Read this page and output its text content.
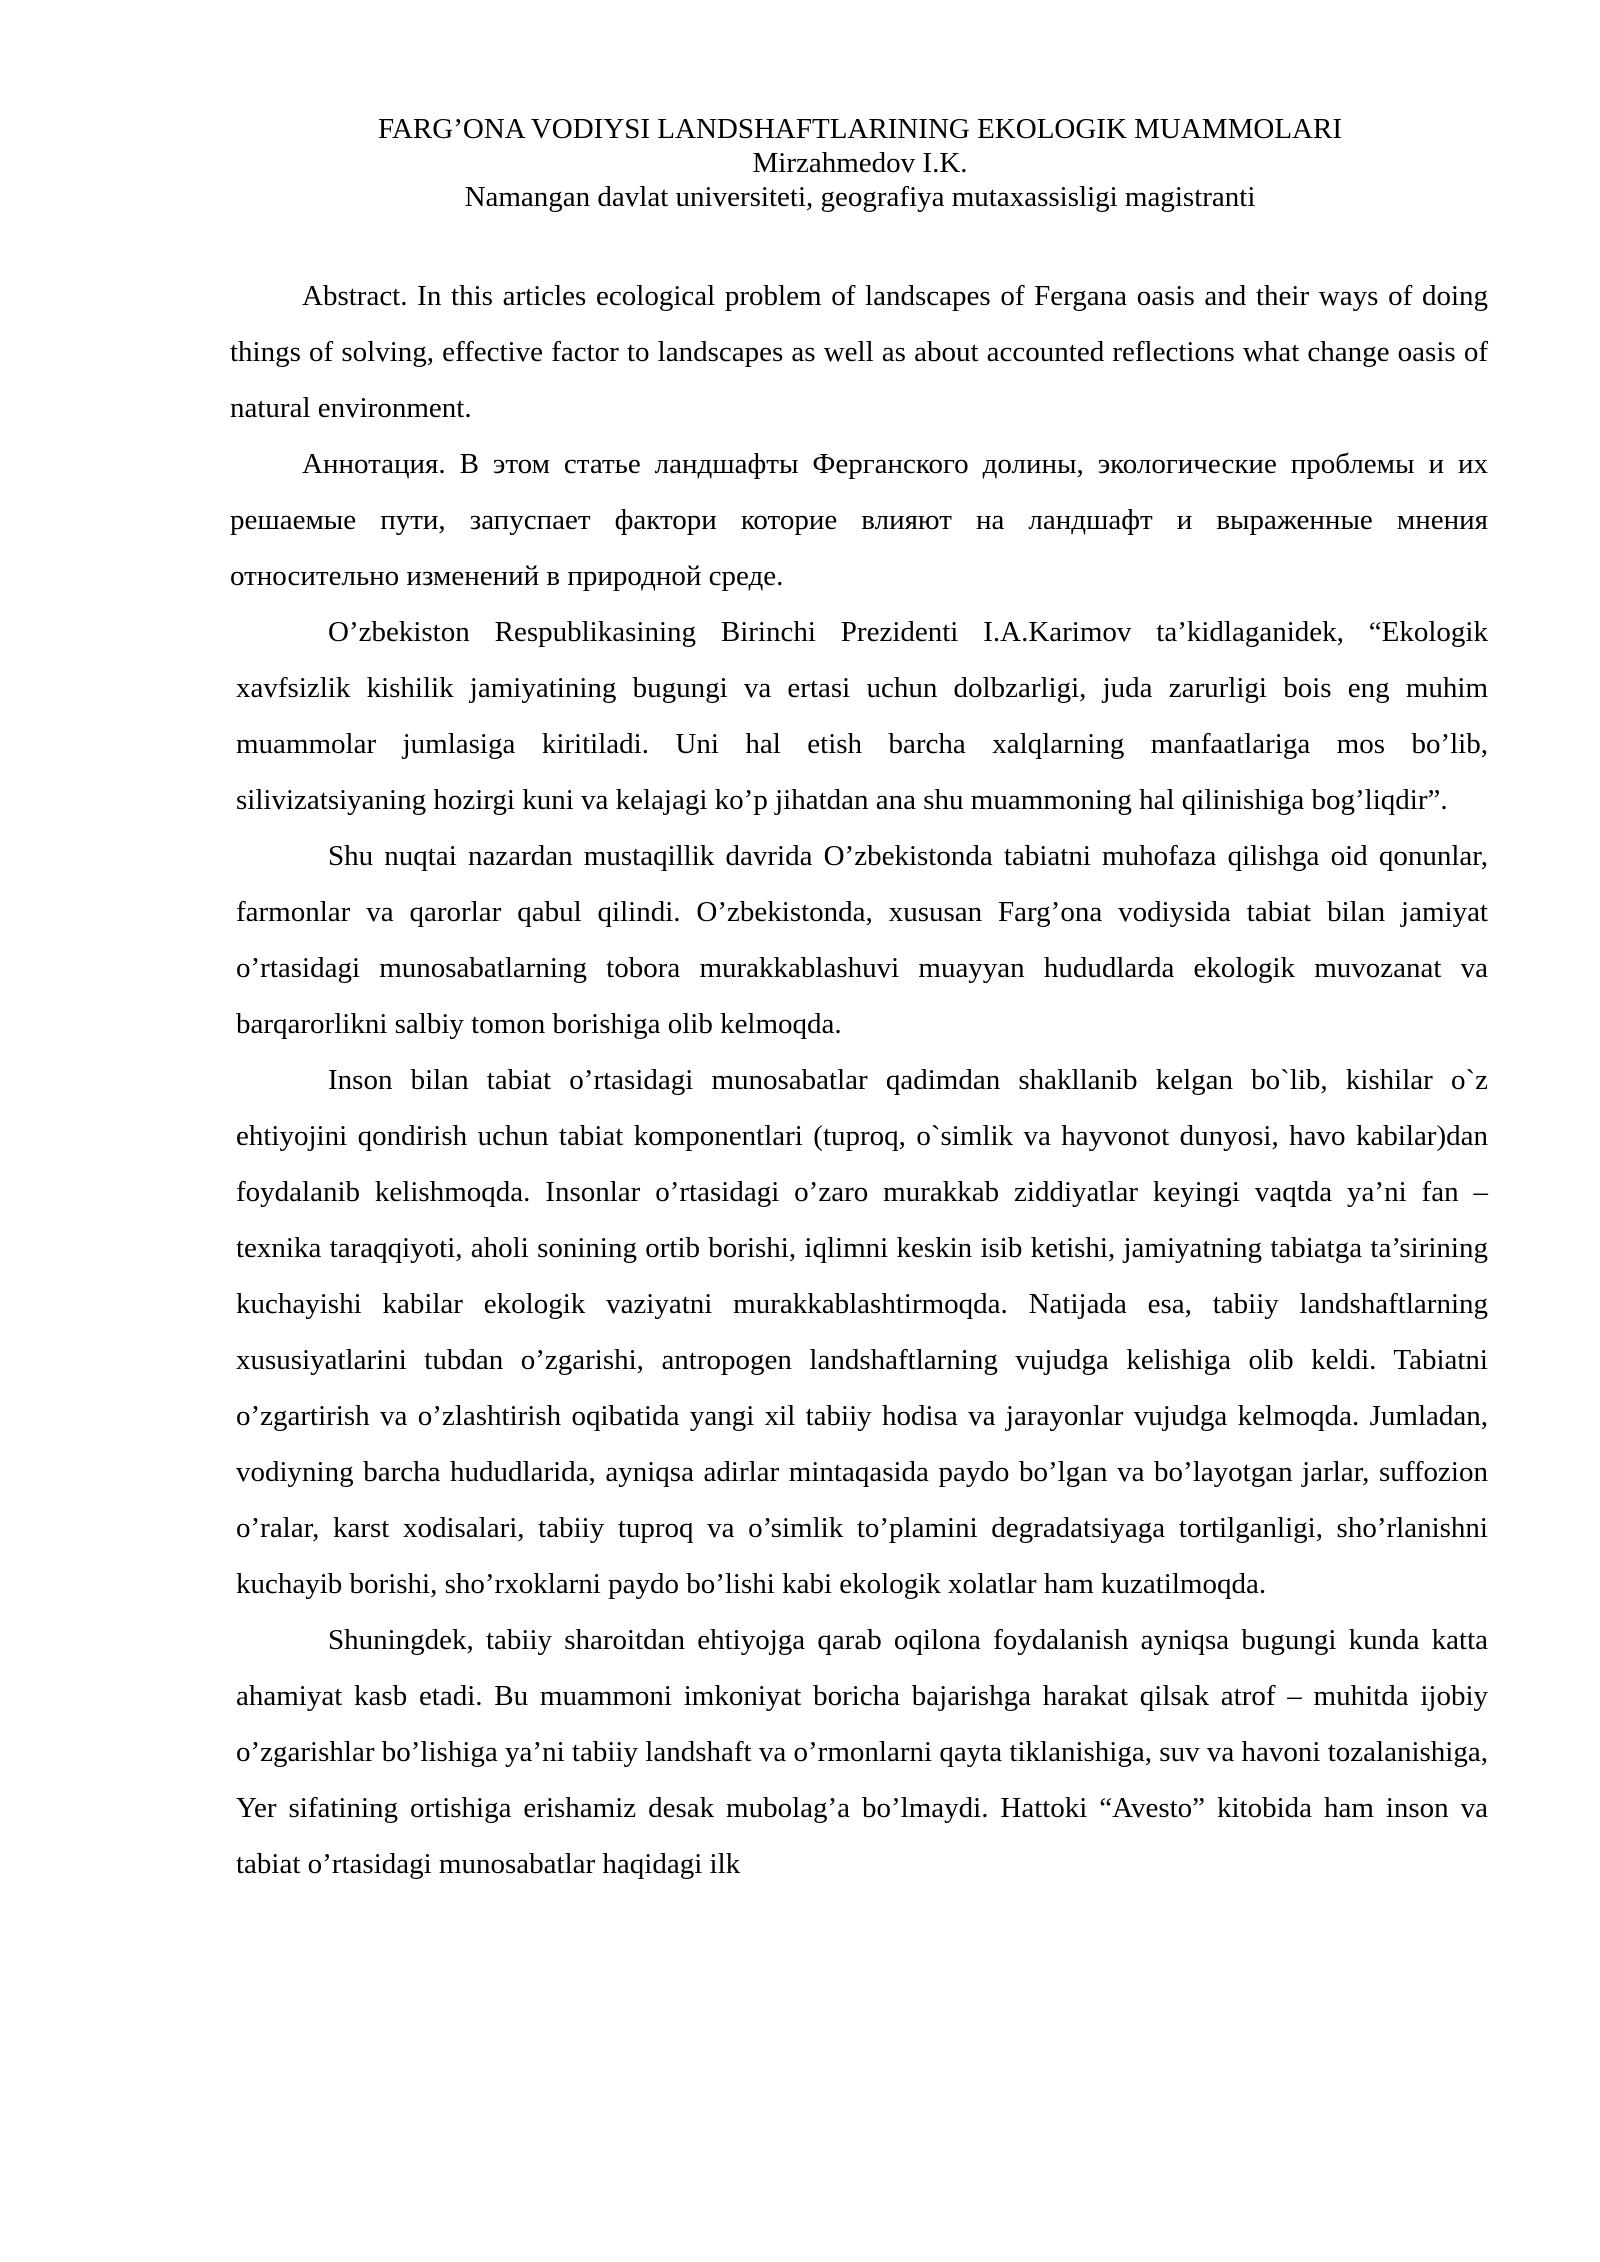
FARG’ONA VODIYSI LANDSHAFTLARINING EKOLOGIK MUAMMOLARI
Mirzahmedov I.K.
Namangan davlat universiteti, geografiya mutaxassisligi magistranti

Abstract. In this articles ecological problem of landscapes of Fergana oasis and their ways of doing things of solving, effective factor to landscapes as well as about accounted reflections what change oasis of natural environment.

Аннотация. В этом статье ландшафты Ферганского долины, экологические проблемы и их решаемые пути, запуспает фактори которие влияют на ландшафт и выраженные мнения относительно изменений в природной среде.

O’zbekiston Respublikasining Birinchi Prezidenti I.A.Karimov ta’kidlaganidek, “Ekologik xavfsizlik kishilik jamiyatining bugungi va ertasi uchun dolbzarligi, juda zarurligi bois eng muhim muammolar jumlasiga kiritiladi. Uni hal etish barcha xalqlarning manfaatlariga mos bo’lib, silivizatsiyaning hozirgi kuni va kelajagi ko’p jihatdan ana shu muammoning hal qilinishiga bog’liqdir”.

Shu nuqtai nazardan mustaqillik davrida O’zbekistonda tabiatni muhofaza qilishga oid qonunlar, farmonlar va qarorlar qabul qilindi. O’zbekistonda, xususan Farg’ona vodiysida tabiat bilan jamiyat o’rtasidagi munosabatlarning tobora murakkablashuvi muayyan hududlarda ekologik muvozanat va barqarorlikni salbiy tomon borishiga olib kelmoqda.

Inson bilan tabiat o’rtasidagi munosabatlar qadimdan shakllanib kelgan bo`lib, kishilar o`z ehtiyojini qondirish uchun tabiat komponentlari (tuproq, o`simlik va hayvonot dunyosi, havo kabilar)dan foydalanib kelishmoqda. Insonlar o’rtasidagi o’zaro murakkab ziddiyatlar keyingi vaqtda ya’ni fan – texnika taraqqiyoti, aholi sonining ortib borishi, iqlimni keskin isib ketishi, jamiyatning tabiatga ta’sirining kuchayishi kabilar ekologik vaziyatni murakkablashtirmoqda. Natijada esa, tabiiy landshaftlarning xususiyatlarini tubdan o’zgarishi, antropogen landshaftlarning vujudga kelishiga olib keldi. Tabiatni o’zgartirish va o’zlashtirish oqibatida yangi xil tabiiy hodisa va jarayonlar vujudga kelmoqda. Jumladan, vodiyning barcha hududlarida, ayniqsa adirlar mintaqasida paydo bo’lgan va bo’layotgan jarlar, suffozion o’ralar, karst xodisalari, tabiiy tuproq va o’simlik to’plamini degradatsiyaga tortilganligi, sho’rlanishni kuchayib borishi, sho’rxoklarni paydo bo’lishi kabi ekologik xolatlar ham kuzatilmoqda.

Shuningdek, tabiiy sharoitdan ehtiyojga qarab oqilona foydalanish ayniqsa bugungi kunda katta ahamiyat kasb etadi. Bu muammoni imkoniyat boricha bajarishga harakat qilsak atrof – muhitda ijobiy o’zgarishlar bo’lishiga ya’ni tabiiy landshaft va o’rmonlarni qayta tiklanishiga, suv va havoni tozalanishiga, Yer sifatining ortishiga erishamiz desak mubolag’a bo’lmaydi. Hattoki “Avesto” kitobida ham inson va tabiat o’rtasidagi munosabatlar haqidagi ilk
